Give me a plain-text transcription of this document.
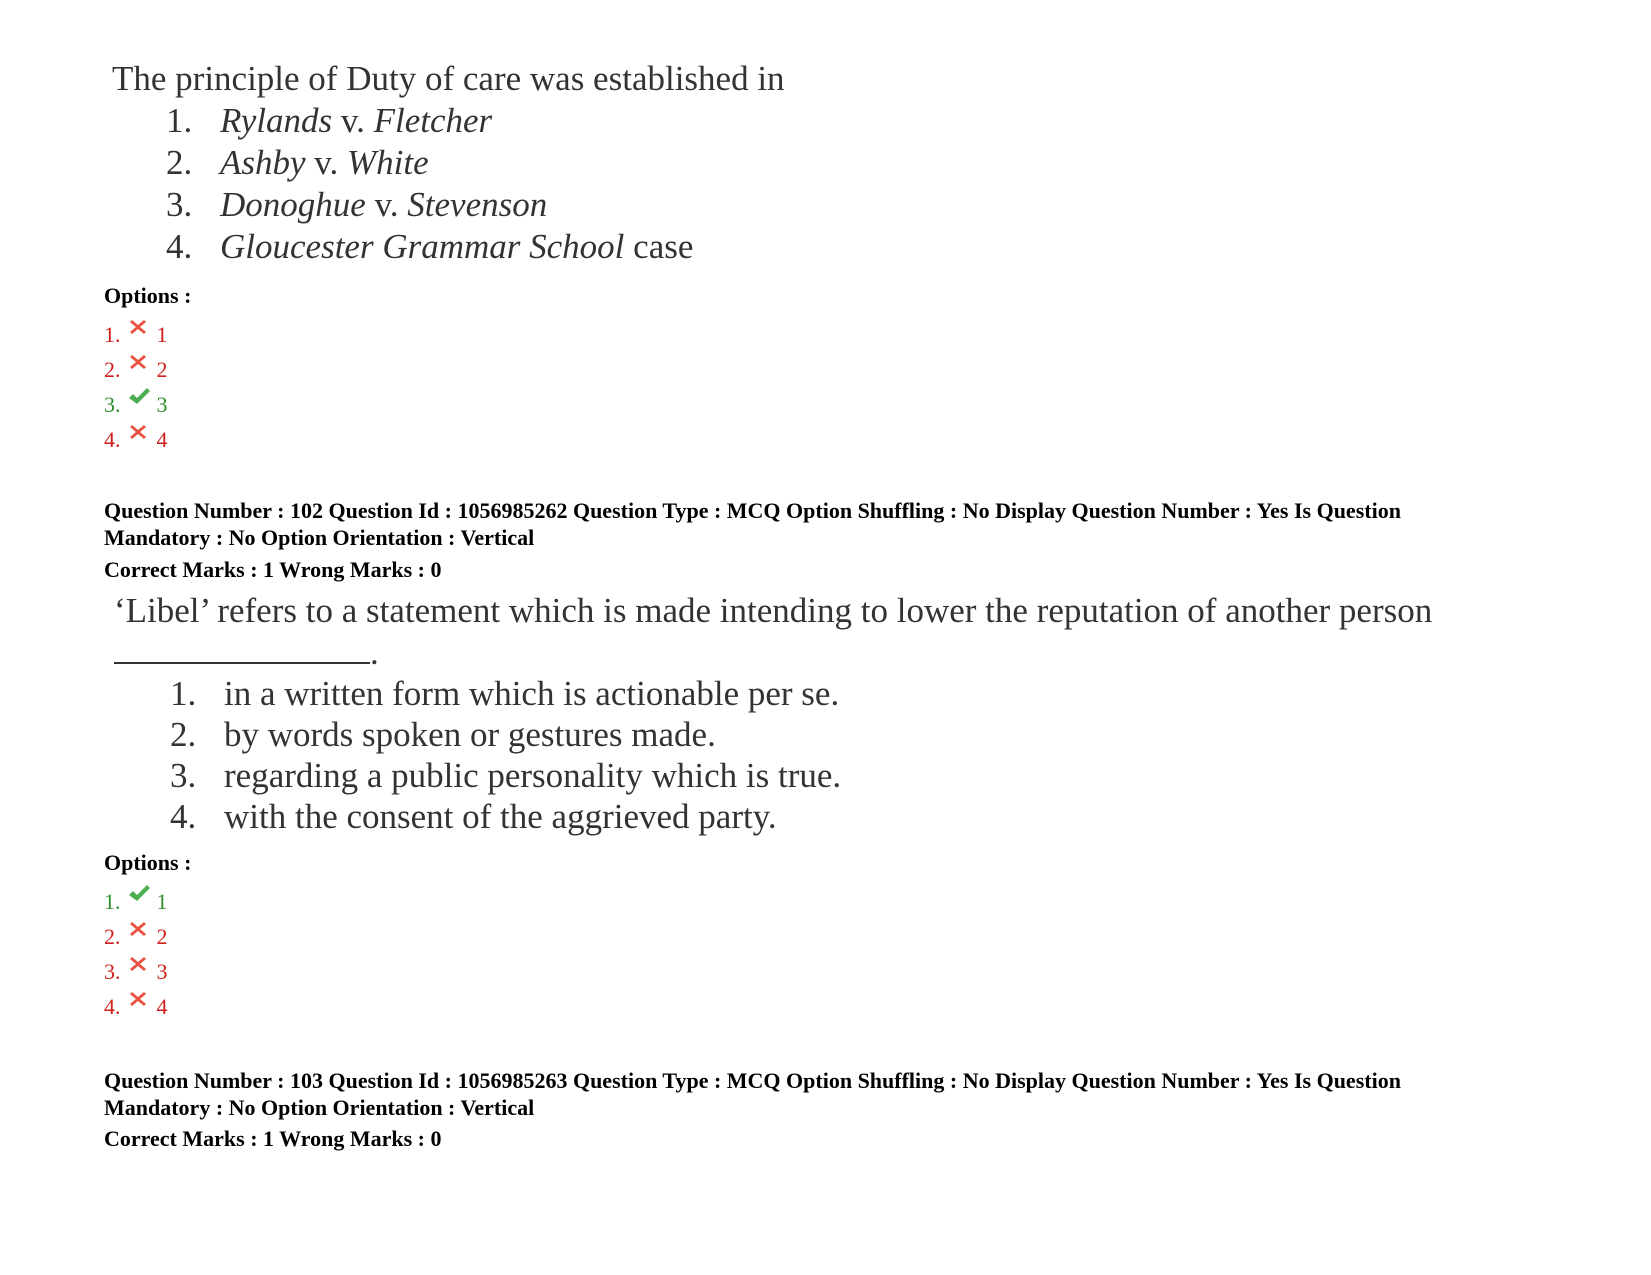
The principle of Duty of care was established in
1. Rylands v. Fletcher
2. Ashby v. White
3. Donoghue v. Stevenson
4. Gloucester Grammar School case
Options :
1. 1
2. 2
3. 3
4. 4
Question Number : 102 Question Id : 1056985262 Question Type : MCQ Option Shuffling : No Display Question Number : Yes Is Question Mandatory : No Option Orientation : Vertical
Correct Marks : 1 Wrong Marks : 0
‘Libel’ refers to a statement which is made intending to lower the reputation of another person
.
1. in a written form which is actionable per se.
2. by words spoken or gestures made.
3. regarding a public personality which is true.
4. with the consent of the aggrieved party.
Options :
1. 1
2. 2
3. 3
4. 4
Question Number : 103 Question Id : 1056985263 Question Type : MCQ Option Shuffling : No Display Question Number : Yes Is Question Mandatory : No Option Orientation : Vertical
Correct Marks : 1 Wrong Marks : 0
